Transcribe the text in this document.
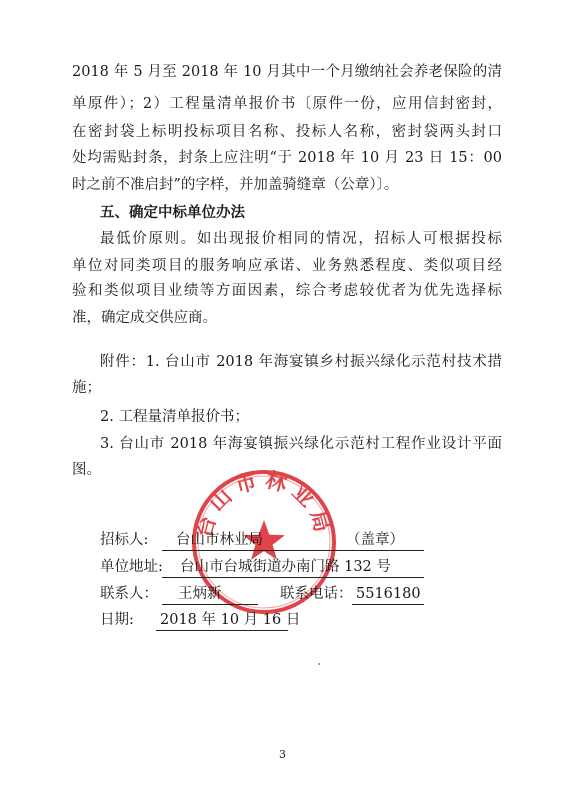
2018 年 5 月至 2018 年 10 月其中一个月缴纳社会养老保险的清
单原件）；2）工程量清单报价书〔原件一份，应用信封密封，
在密封袋上标明投标项目名称、投标人名称，密封袋两头封口
处均需贴封条，封条上应注明“于 2018 年 10 月 23 日 15：00
时之前不准启封”的字样，并加盖骑缝章（公章）〕。
五、确定中标单位办法
最低价原则。如出现报价相同的情况，招标人可根据投标
单位对同类项目的服务响应承诺、业务熟悉程度、类似项目经
验和类似项目业绩等方面因素，综合考虑较优者为优先选择标
准，确定成交供应商。
附件：1. 台山市 2018 年海宴镇乡村振兴绿化示范村技术措
施；
2. 工程量清单报价书；
3. 台山市 2018 年海宴镇振兴绿化示范村工程作业设计平面
图。
台山市林业局
招标人: 台山市林业局	（盖章）
单位地址: 台山市台城街道办南门路 132 号
联系人： 王炳新	联系电话： 5516180
日期: 2018 年 10 月 16 日
3
